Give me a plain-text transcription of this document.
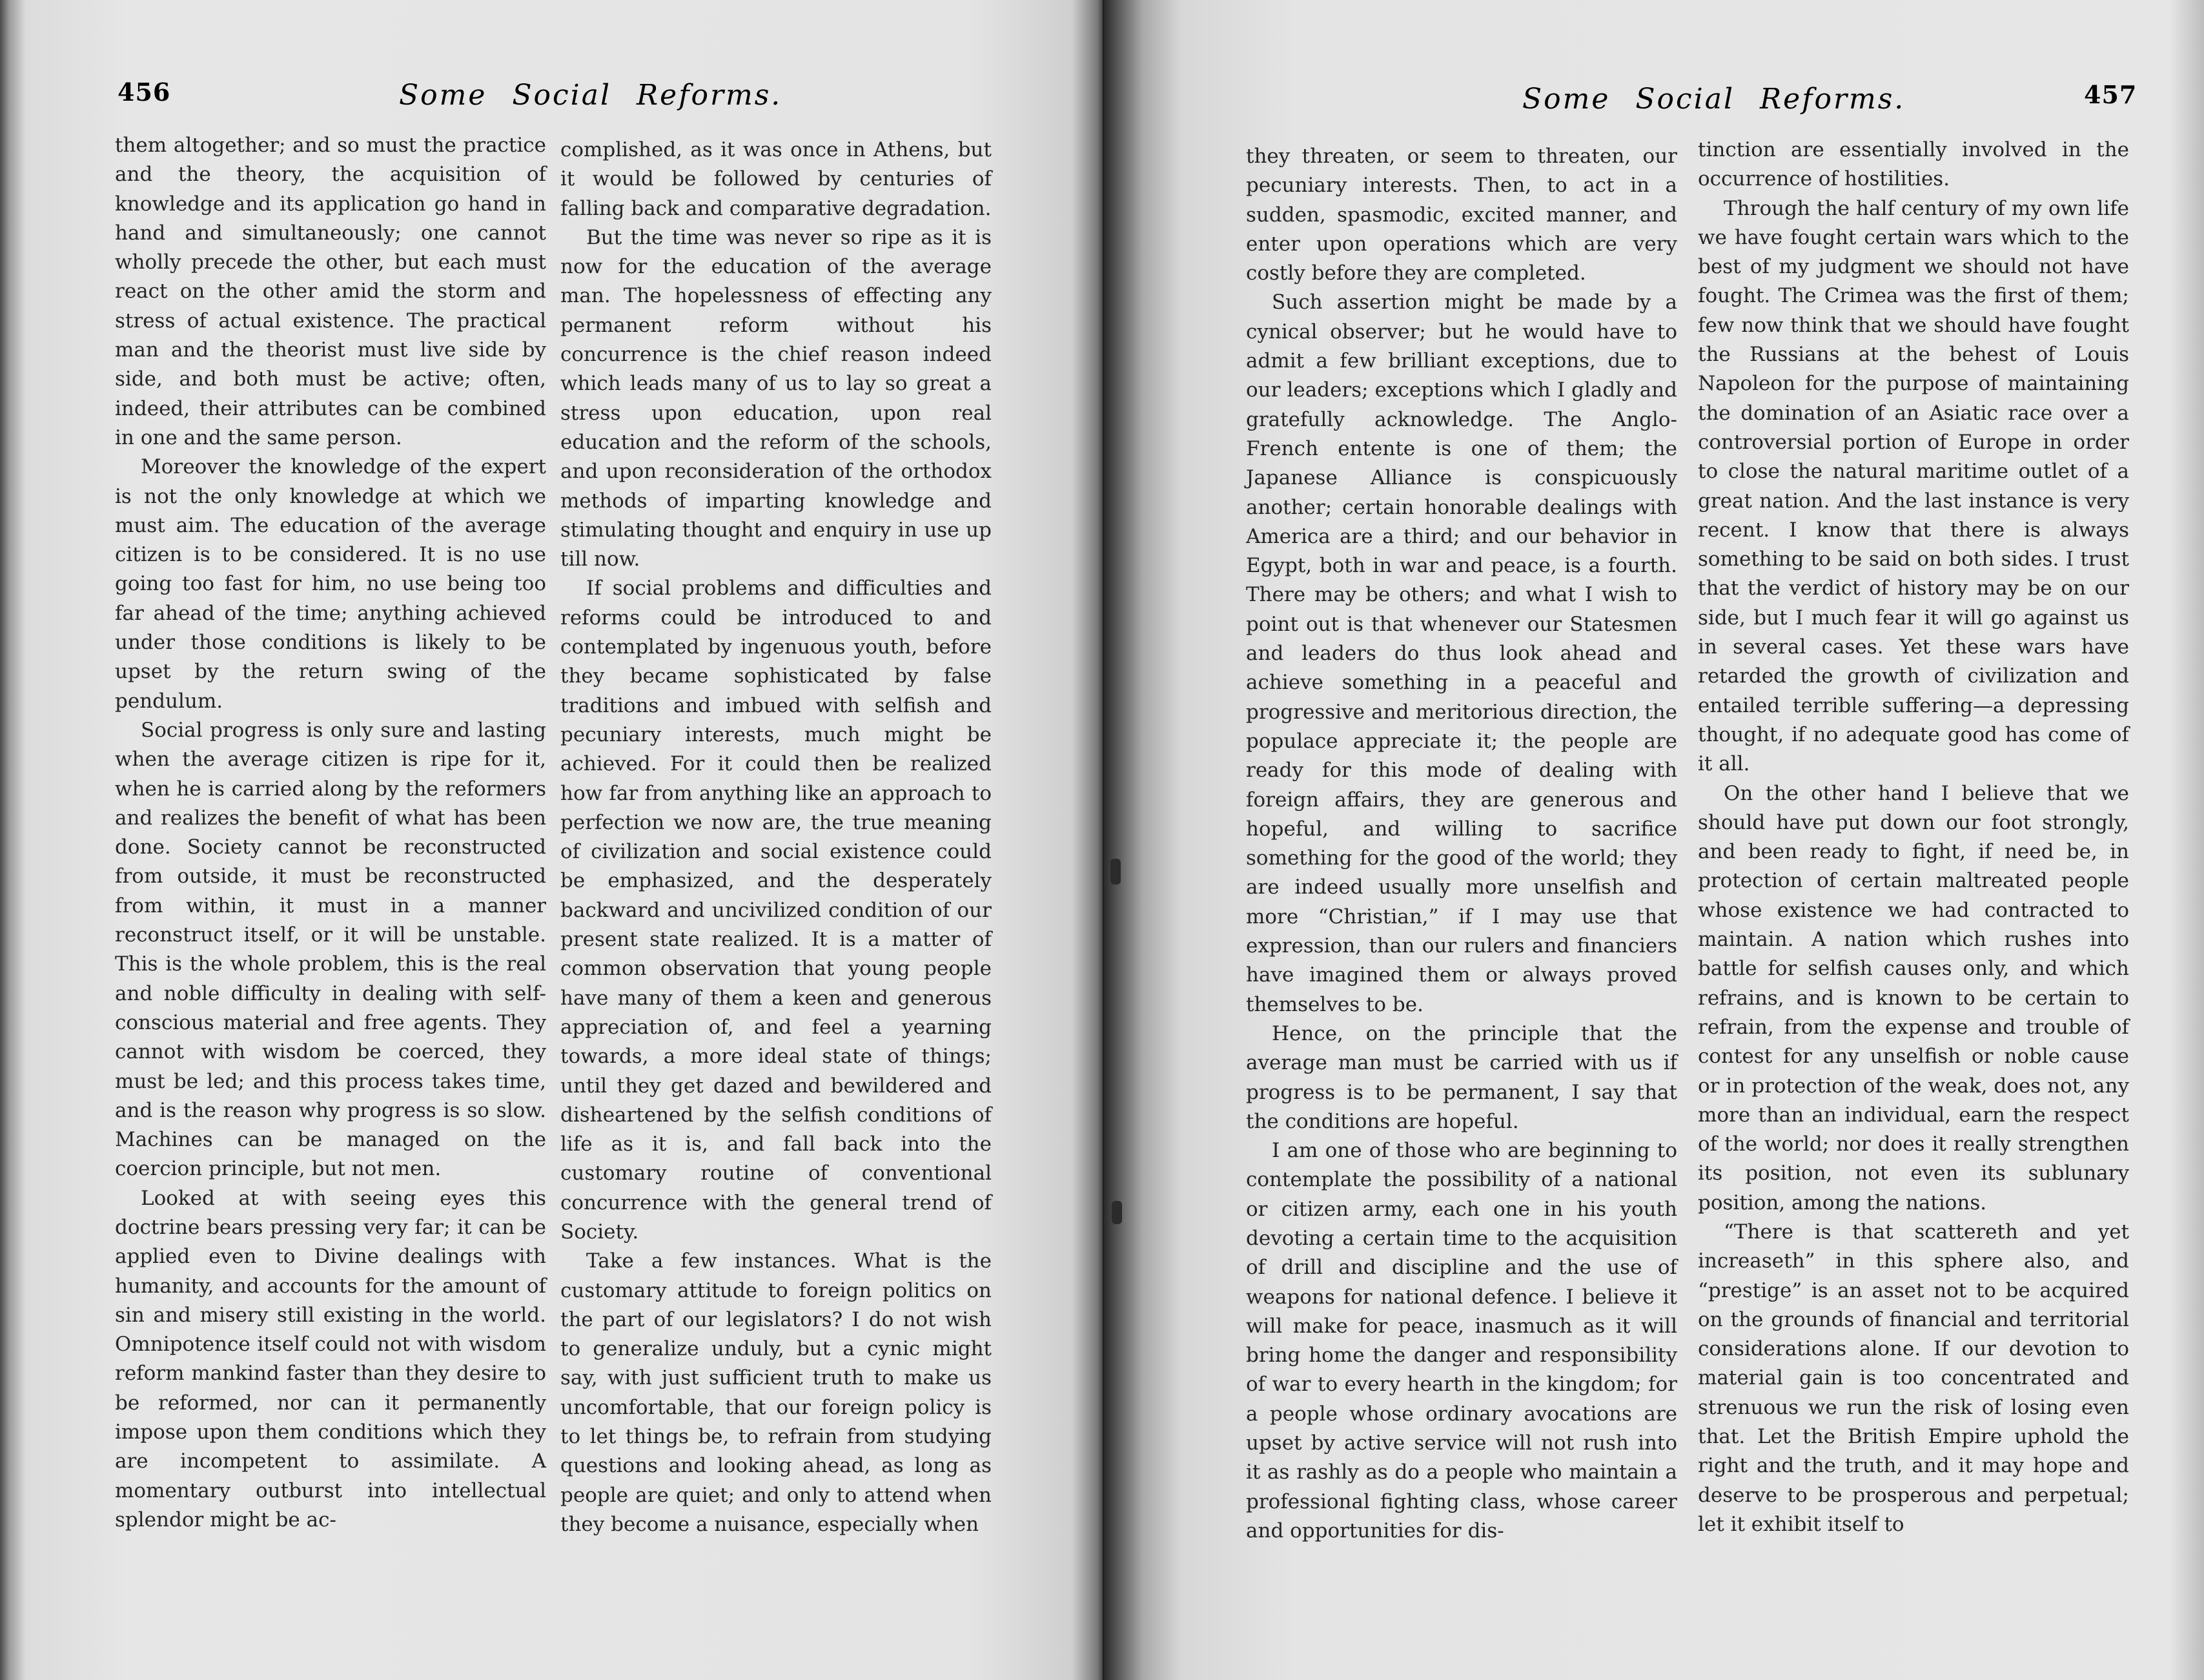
456	Some Social Reforms.

them altogether; and so must the practice and the theory, the acquisition of knowledge and its application go hand in hand and simultaneously; one cannot wholly precede the other, but each must react on the other amid the storm and stress of actual existence. The practical man and the theorist must live side by side, and both must be active; often, indeed, their attributes can be combined in one and the same person.

Moreover the knowledge of the expert is not the only knowledge at which we must aim. The education of the average citizen is to be considered. It is no use going too fast for him, no use being too far ahead of the time; anything achieved under those conditions is likely to be upset by the return swing of the pendulum.

Social progress is only sure and lasting when the average citizen is ripe for it, when he is carried along by the reformers and realizes the benefit of what has been done. Society cannot be reconstructed from outside, it must be reconstructed from within, it must in a manner reconstruct itself, or it will be unstable. This is the whole problem, this is the real and noble difficulty in dealing with self-conscious material and free agents. They cannot with wisdom be coerced, they must be led; and this process takes time, and is the reason why progress is so slow. Machines can be managed on the coercion principle, but not men.

Looked at with seeing eyes this doctrine bears pressing very far; it can be applied even to Divine dealings with humanity, and accounts for the amount of sin and misery still existing in the world. Omnipotence itself could not with wisdom reform mankind faster than they desire to be reformed, nor can it permanently impose upon them conditions which they are incompetent to assimilate. A momentary outburst into intellectual splendor might be ac-

complished, as it was once in Athens, but it would be followed by centuries of falling back and comparative degradation.

But the time was never so ripe as it is now for the education of the average man. The hopelessness of effecting any permanent reform without his concurrence is the chief reason indeed which leads many of us to lay so great a stress upon education, upon real education and the reform of the schools, and upon reconsideration of the orthodox methods of imparting knowledge and stimulating thought and enquiry in use up till now.

If social problems and difficulties and reforms could be introduced to and contemplated by ingenuous youth, before they became sophisticated by false traditions and imbued with selfish and pecuniary interests, much might be achieved. For it could then be realized how far from anything like an approach to perfection we now are, the true meaning of civilization and social existence could be emphasized, and the desperately backward and uncivilized condition of our present state realized. It is a matter of common observation that young people have many of them a keen and generous appreciation of, and feel a yearning towards, a more ideal state of things; until they get dazed and bewildered and disheartened by the selfish conditions of life as it is, and fall back into the customary routine of conventional concurrence with the general trend of Society.

Take a few instances. What is the customary attitude to foreign politics on the part of our legislators? I do not wish to generalize unduly, but a cynic might say, with just sufficient truth to make us uncomfortable, that our foreign policy is to let things be, to refrain from studying questions and looking ahead, as long as people are quiet; and only to attend when they become a nuisance, especially when

Some Social Reforms.	457

they threaten, or seem to threaten, our pecuniary interests. Then, to act in a sudden, spasmodic, excited manner, and enter upon operations which are very costly before they are completed.

Such assertion might be made by a cynical observer; but he would have to admit a few brilliant exceptions, due to our leaders; exceptions which I gladly and gratefully acknowledge. The Anglo-French entente is one of them; the Japanese Alliance is conspicuously another; certain honorable dealings with America are a third; and our behavior in Egypt, both in war and peace, is a fourth. There may be others; and what I wish to point out is that whenever our Statesmen and leaders do thus look ahead and achieve something in a peaceful and progressive and meritorious direction, the populace appreciate it; the people are ready for this mode of dealing with foreign affairs, they are generous and hopeful, and willing to sacrifice something for the good of the world; they are indeed usually more unselfish and more “Christian,” if I may use that expression, than our rulers and financiers have imagined them or always proved themselves to be.

Hence, on the principle that the average man must be carried with us if progress is to be permanent, I say that the conditions are hopeful.

I am one of those who are beginning to contemplate the possibility of a national or citizen army, each one in his youth devoting a certain time to the acquisition of drill and discipline and the use of weapons for national defence. I believe it will make for peace, inasmuch as it will bring home the danger and responsibility of war to every hearth in the kingdom; for a people whose ordinary avocations are upset by active service will not rush into it as rashly as do a people who maintain a professional fighting class, whose career and opportunities for dis-

tinction are essentially involved in the occurrence of hostilities.

Through the half century of my own life we have fought certain wars which to the best of my judgment we should not have fought. The Crimea was the first of them; few now think that we should have fought the Russians at the behest of Louis Napoleon for the purpose of maintaining the domination of an Asiatic race over a controversial portion of Europe in order to close the natural maritime outlet of a great nation. And the last instance is very recent. I know that there is always something to be said on both sides. I trust that the verdict of history may be on our side, but I much fear it will go against us in several cases. Yet these wars have retarded the growth of civilization and entailed terrible suffering—a depressing thought, if no adequate good has come of it all.

On the other hand I believe that we should have put down our foot strongly, and been ready to fight, if need be, in protection of certain maltreated people whose existence we had contracted to maintain. A nation which rushes into battle for selfish causes only, and which refrains, and is known to be certain to refrain, from the expense and trouble of contest for any unselfish or noble cause or in protection of the weak, does not, any more than an individual, earn the respect of the world; nor does it really strengthen its position, not even its sublunary position, among the nations.

“There is that scattereth and yet increaseth” in this sphere also, and “prestige” is an asset not to be acquired on the grounds of financial and territorial considerations alone. If our devotion to material gain is too concentrated and strenuous we run the risk of losing even that. Let the British Empire uphold the right and the truth, and it may hope and deserve to be prosperous and perpetual; let it exhibit itself to
